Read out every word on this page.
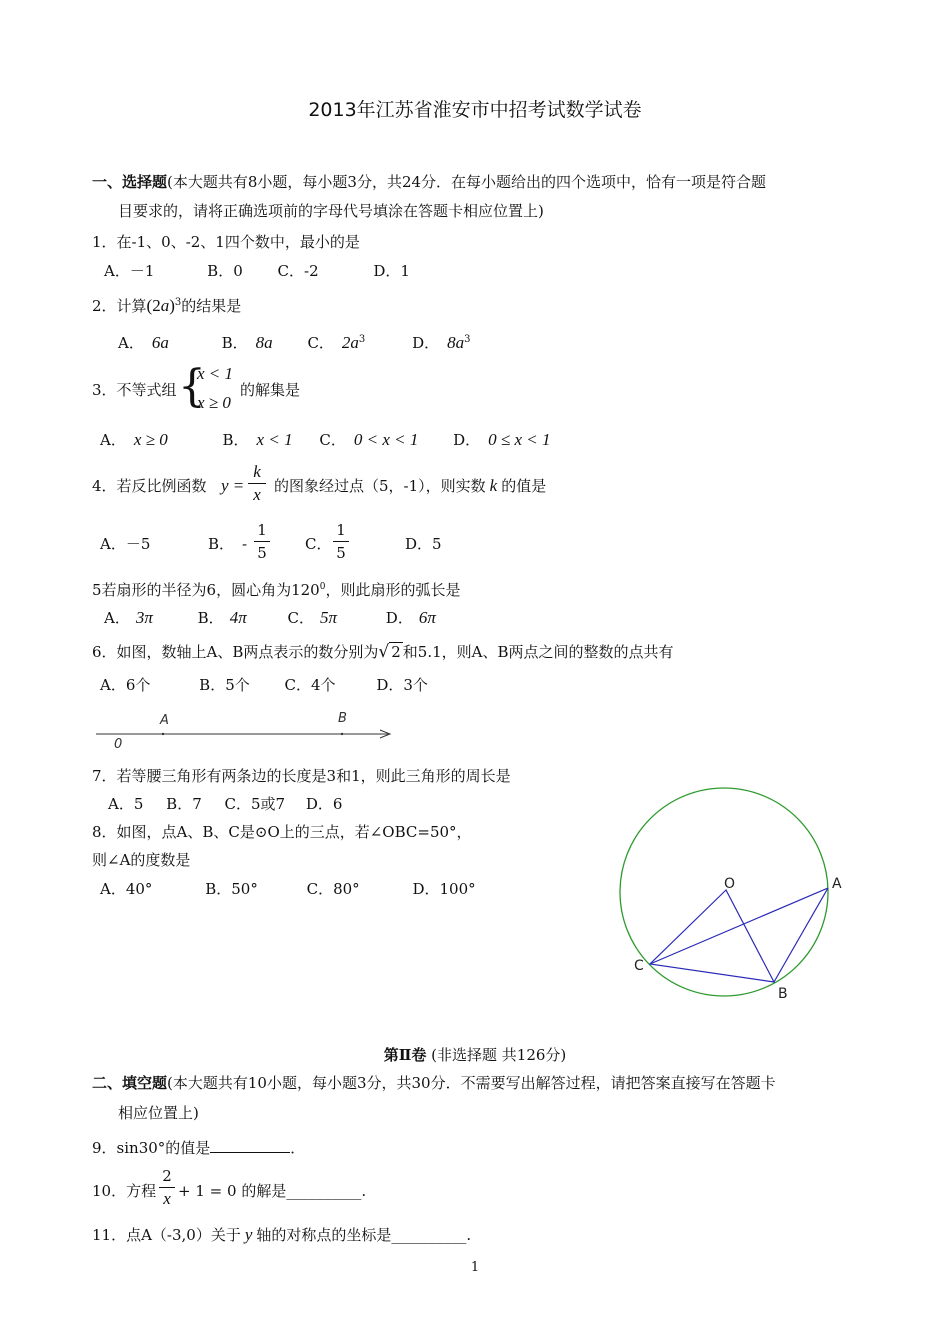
2013年江苏省淮安市中招考试数学试卷
一、选择题(本大题共有8小题，每小题3分，共24分．在每小题给出的四个选项中，恰有一项是符合题
目要求的，请将正确选项前的字母代号填涂在答题卡相应位置上)
1．在-1、0、-2、1四个数中，最小的是
A．－1	B．0 C．-2	D．1
2．计算$(2a)^3$的结果是
A． 6a	B． 8a C． $2a^3$	D． $8a^3$
3．不等式组 {
x < 1
x ≥ 0
的解集是
A． x ≥ 0	B． x < 1 C． 0 < x < 1 D． 0 ≤ x < 1
4．若反比例函数 $y = \frac{k}{x}$ 的图象经过点（5，-1），则实数 k 的值是
A．－5	B． - $\frac{1}{5}$ C． $\frac{1}{5}$	D．5
5若扇形的半径为6，圆心角为$120^0$，则此扇形的弧长是
A． 3π	B． 4π	C． 5π	D． 6π
6．如图，数轴上A、B两点表示的数分别为√ 2 和5.1，则A、B两点之间的整数的点共有
A．6个	B．5个 C．4个	D．3个
0
A	B
7．若等腰三角形有两条边的长度是3和1，则此三角形的周长是
A．5 B．7 C．5或7 D．6
8．如图，点A、B、C是⊙O上的三点，若∠OBC=50°，
则∠A的度数是
A．40°	B．50°	C．80°	D．100°	O	A
C
B
第Ⅱ卷 (非选择题 共126分)
二、填空题(本大题共有10小题，每小题3分，共30分．不需要写出解答过程，请把答案直接写在答题卡
相应位置上)
9．sin30°的值是	．
10．方程 $\frac{2}{x} + 1 = 0$ 的解是__________.
11．点A（-3,0）关于 y 轴的对称点的坐标是__________.
1
